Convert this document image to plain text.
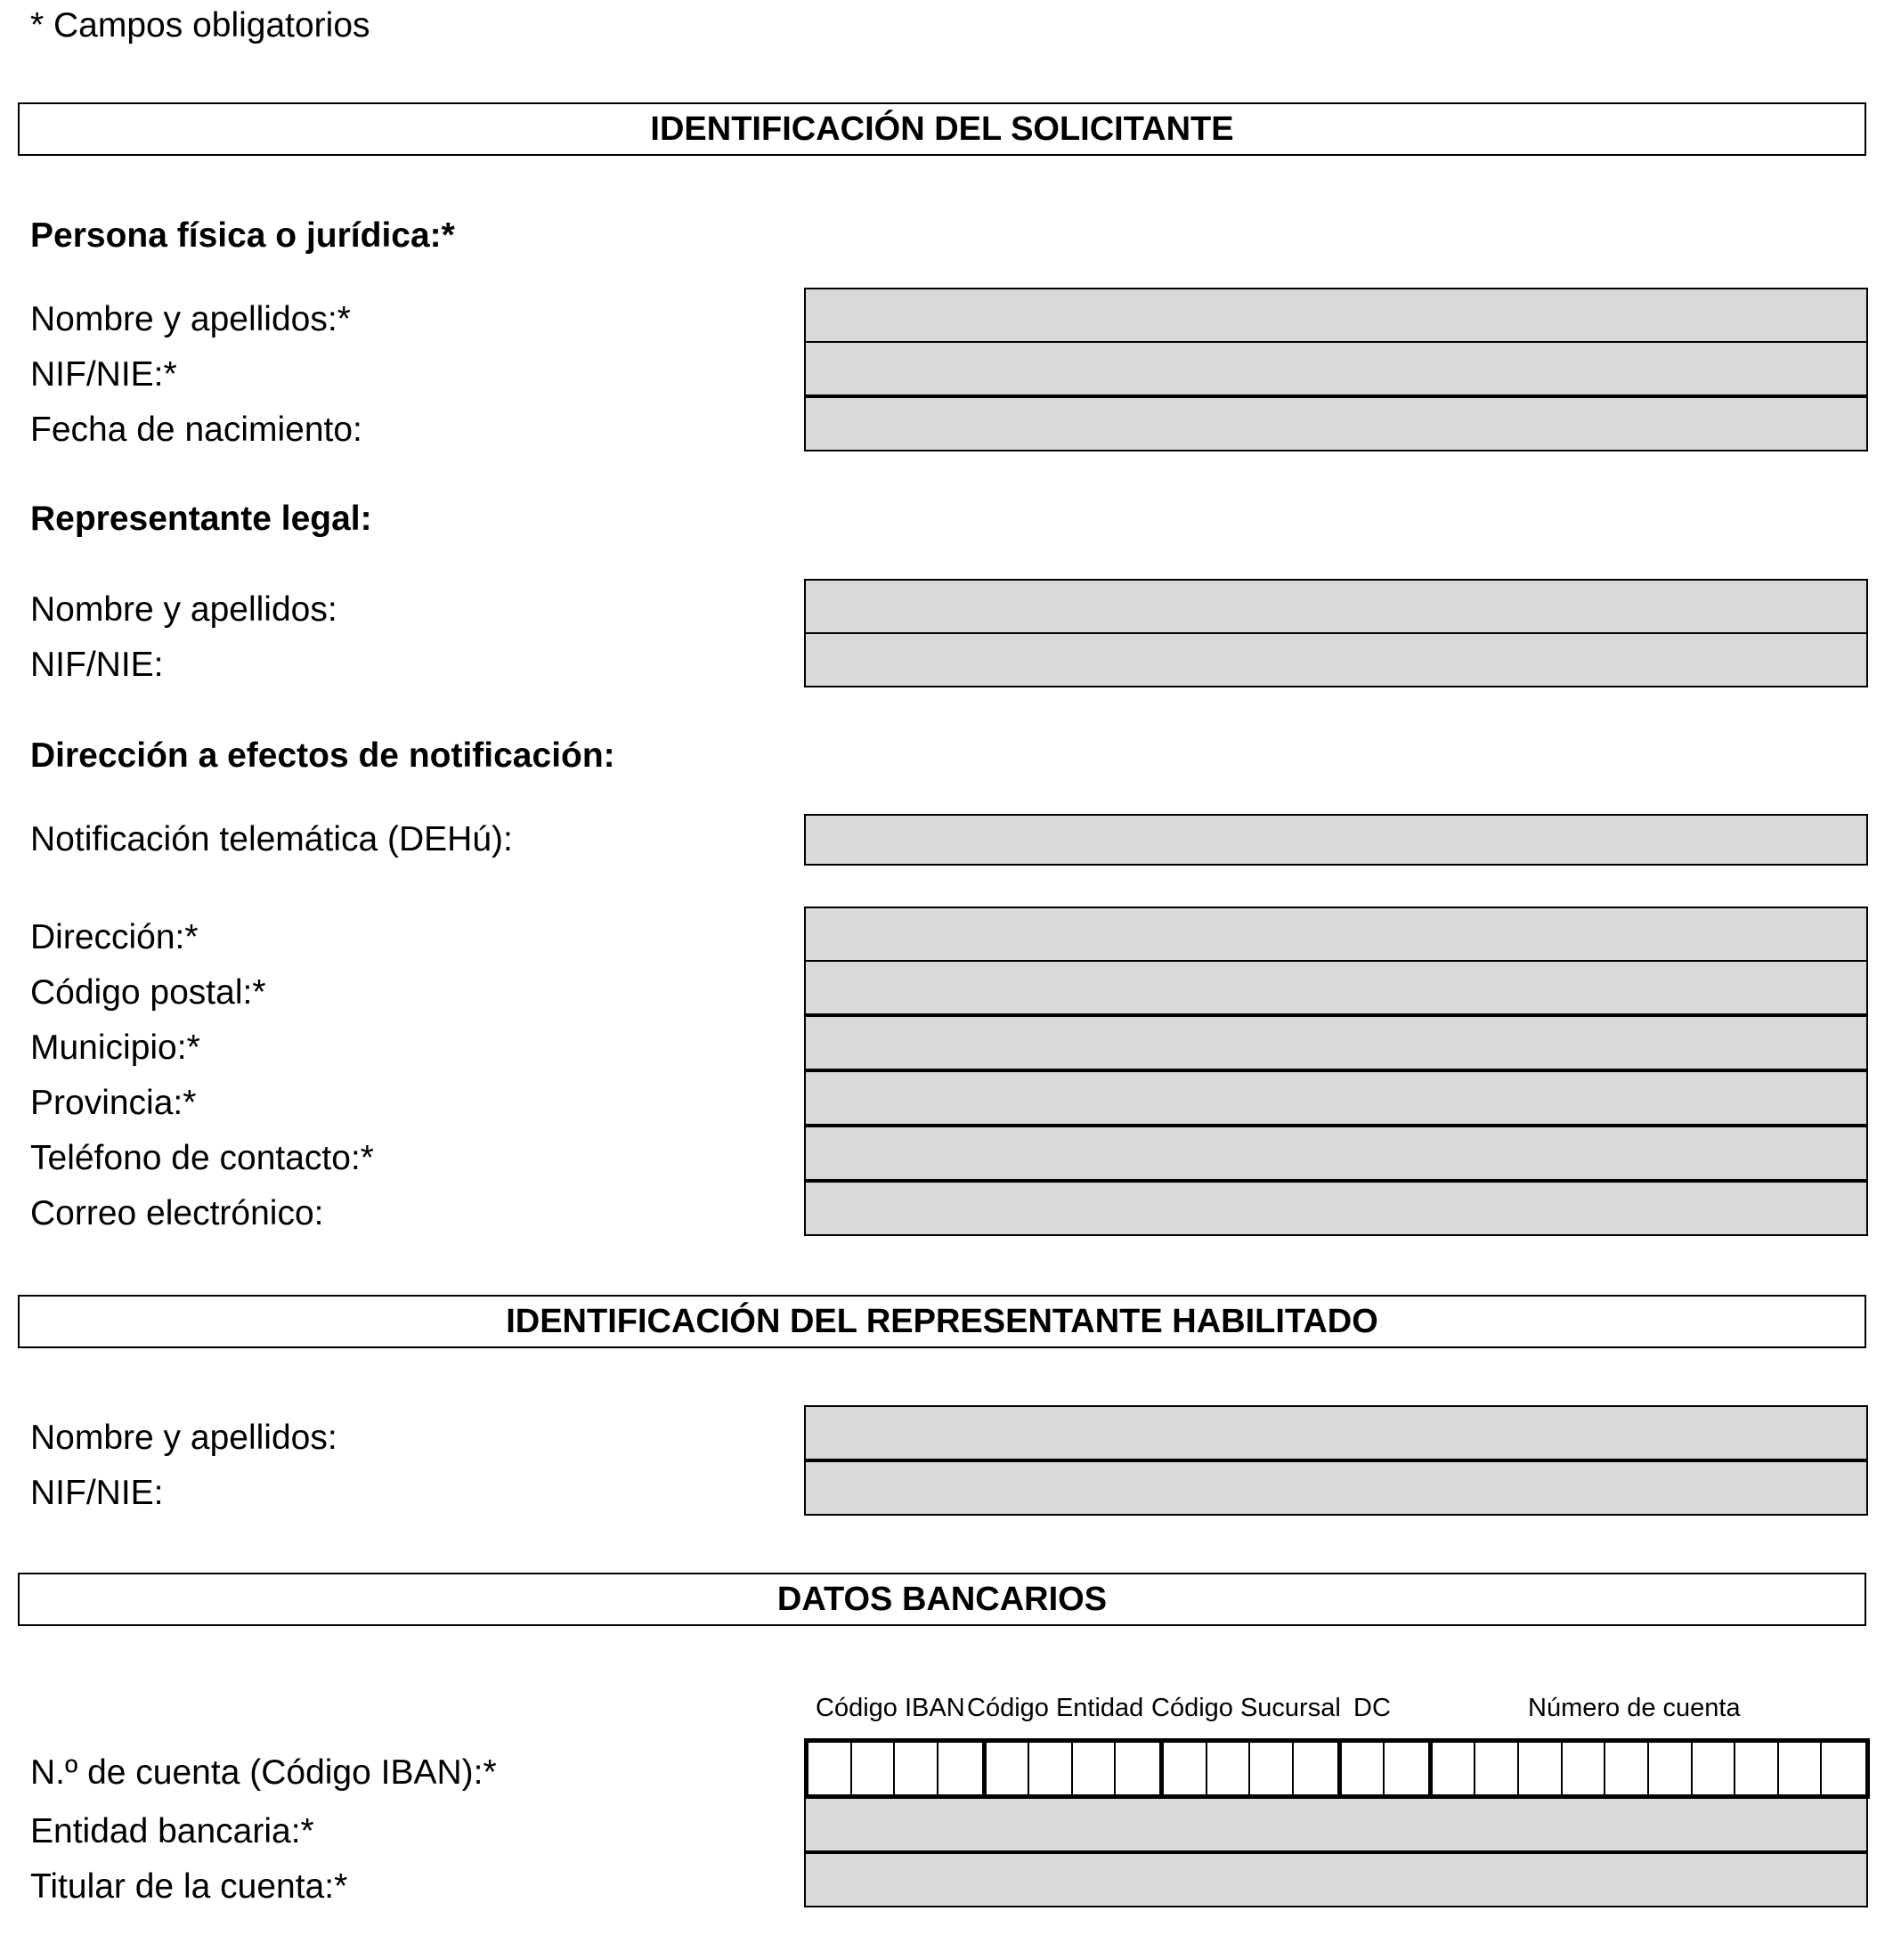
* Campos obligatorios
IDENTIFICACIÓN DEL SOLICITANTE
Persona física o jurídica:*
Nombre y apellidos:*
NIF/NIE:*
Fecha de nacimiento:
Representante legal:
Nombre y apellidos:
NIF/NIE:
Dirección a efectos de notificación:
Notificación telemática (DEHú):
Dirección:*
Código postal:*
Municipio:*
Provincia:*
Teléfono de contacto:*
Correo electrónico:
IDENTIFICACIÓN DEL REPRESENTANTE HABILITADO
Nombre y apellidos:
NIF/NIE:
DATOS BANCARIOS
Código IBAN Código Entidad Código Sucursal DC	Número de cuenta
N.º de cuenta (Código IBAN):*
Entidad bancaria:*
Titular de la cuenta:*
